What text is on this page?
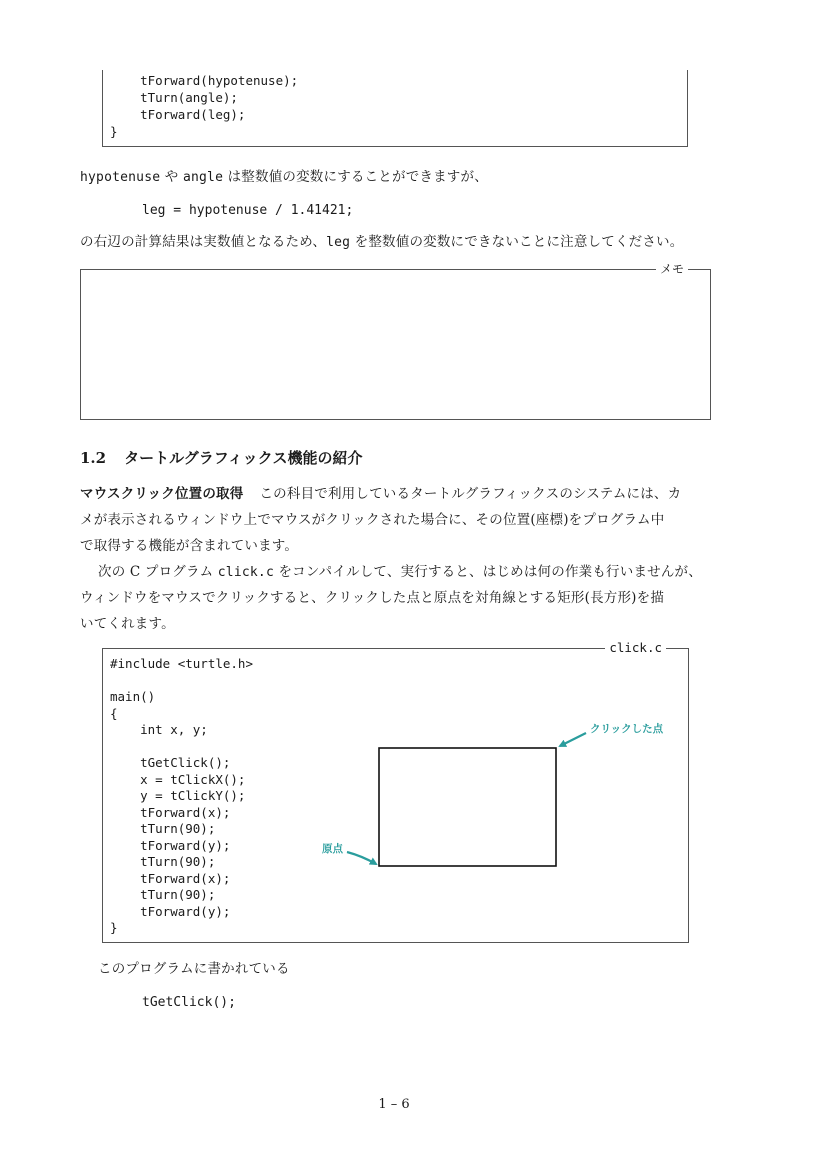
tForward(hypotenuse);
tTurn(angle);
tForward(leg);
}
hypotenuse や angle は整数値の変数にすることができますが、
leg = hypotenuse / 1.41421;
の右辺の計算結果は実数値となるため、leg を整数値の変数にできないことに注意してください。
メモ
1.2 タートルグラフィックス機能の紹介
マウスクリック位置の取得 この科目で利用しているタートルグラフィックスのシステムには、カ
メが表示されるウィンドウ上でマウスがクリックされた場合に、その位置(座標)をプログラム中
で取得する機能が含まれています。
次の C プログラム click.c をコンパイルして、実行すると、はじめは何の作業も行いませんが、
ウィンドウをマウスでクリックすると、クリックした点と原点を対角線とする矩形(長方形)を描
いてくれます。
click.c
#include <turtle.h>
main()
{
int x, y;
tGetClick();
x = tClickX();
y = tClickY();
tForward(x);
tTurn(90);
tForward(y);
tTurn(90);
tForward(x);
tTurn(90);
tForward(y);
}
クリックした点
原点
このプログラムに書かれている
tGetClick();
1 – 6
